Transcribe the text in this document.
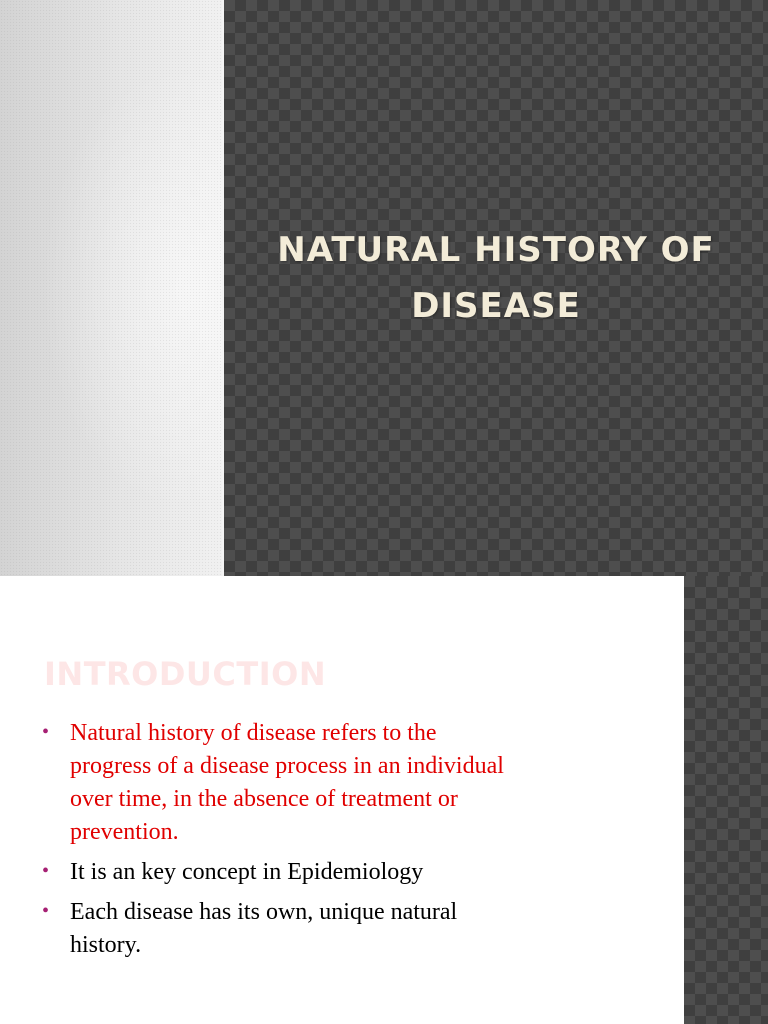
NATURAL HISTORY OF
DISEASE
INTRODUCTION
• Natural history of disease refers to the
progress of a disease process in an individual
over time, in the absence of treatment or
prevention.
• It is an key concept in Epidemiology
• Each disease has its own, unique natural
history.
